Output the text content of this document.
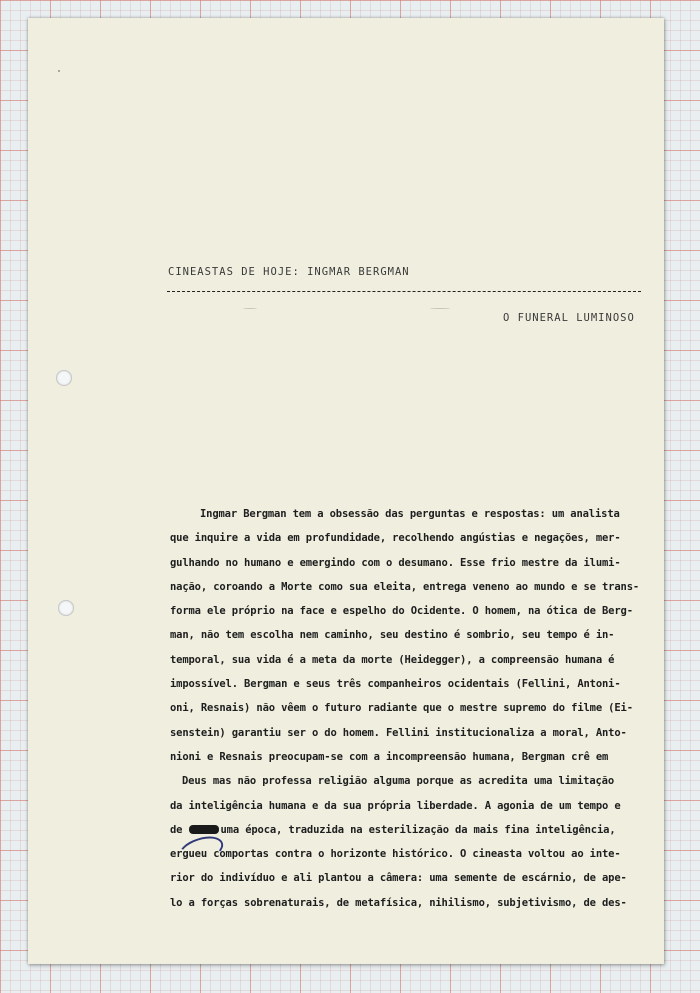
CINEASTAS DE HOJE: INGMAR BERGMAN
O FUNERAL LUMINOSO
Ingmar Bergman tem a obsessão das perguntas e respostas: um analista
que inquire a vida em profundidade, recolhendo angústias e negações, mer-
gulhando no humano e emergindo com o desumano. Esse frio mestre da ilumi-
nação, coroando a Morte como sua eleita, entrega veneno ao mundo e se trans-
forma ele próprio na face e espelho do Ocidente. O homem, na ótica de Berg-
man, não tem escolha nem caminho, seu destino é sombrio, seu tempo é in-
temporal, sua vida é a meta da morte (Heidegger), a compreensão humana é
impossível. Bergman e seus três companheiros ocidentais (Fellini, Antoni-
oni, Resnais) não vêem o futuro radiante que o mestre supremo do filme (Ei-
senstein) garantiu ser o do homem. Fellini institucionaliza a moral, Anto-
nioni e Resnais preocupam-se com a incompreensão humana, Bergman crê em
Deus mas não professa religião alguma porque as acredita uma limitação
da inteligência humana e da sua própria liberdade. A agonia de um tempo e
de	uma época, traduzida na esterilização da mais fina inteligência,
ergueu comportas contra o horizonte histórico. O cineasta voltou ao inte-
rior do indivíduo e ali plantou a câmera: uma semente de escárnio, de ape-
lo a forças sobrenaturais, de metafísica, nihilismo, subjetivismo, de des-
